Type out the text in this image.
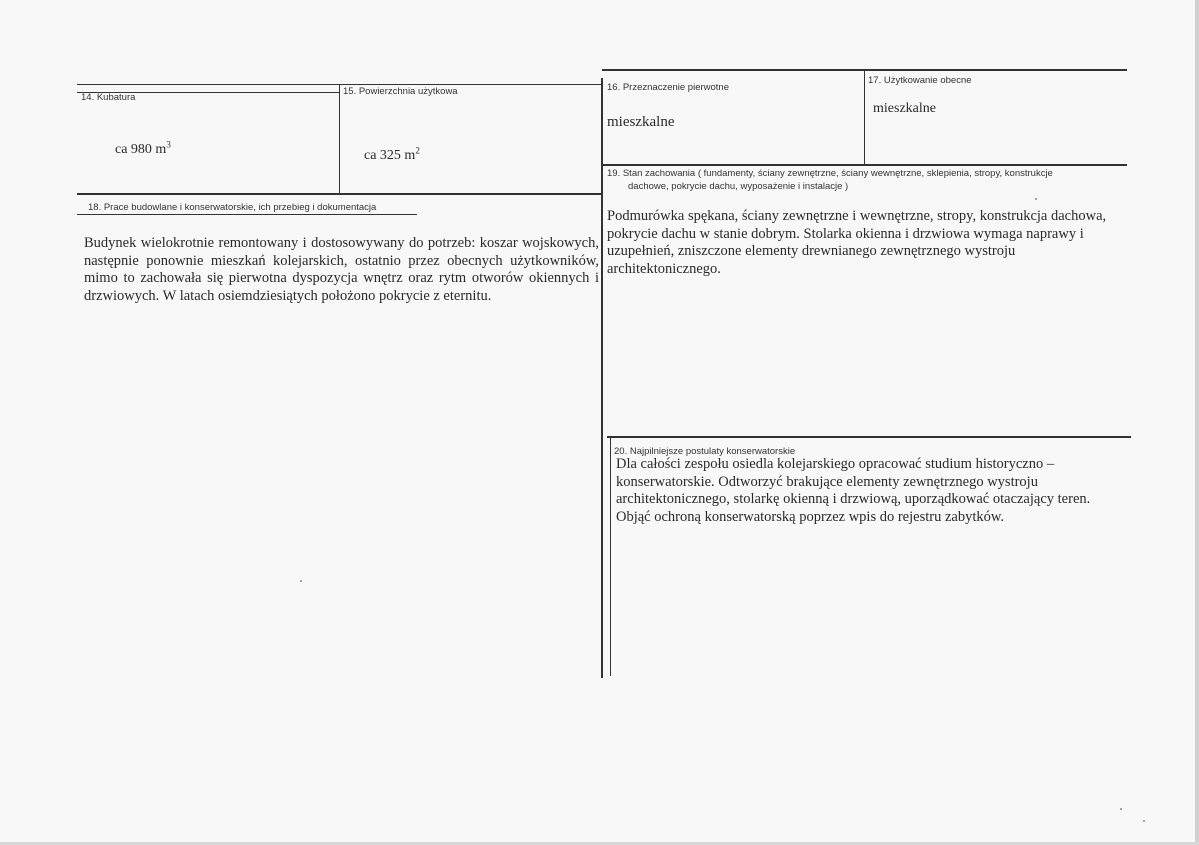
14. Kubatura
ca 980 $m^3$
15. Powierzchnia użytkowa
ca 325 $m^2$
16. Przeznaczenie pierwotne
mieszkalne
17. Użytkowanie obecne
mieszkalne
18. Prace budowlane i konserwatorskie, ich przebieg i dokumentacja
Budynek wielokrotnie remontowany i dostosowywany do potrzeb: koszar wojskowych, następnie ponownie mieszkań kolejarskich, ostatnio przez obecnych użytkowników, mimo to zachowała się pierwotna dyspozycja wnętrz oraz rytm otworów okiennych i drzwiowych. W latach osiemdziesiątych położono pokrycie z eternitu.
19. Stan zachowania ( fundamenty, ściany zewnętrzne, ściany wewnętrzne, sklepienia, stropy, konstrukcje
dachowe, pokrycie dachu, wyposażenie i instalacje )
Podmurówka spękana, ściany zewnętrzne i wewnętrzne, stropy, konstrukcja dachowa, pokrycie dachu w stanie dobrym. Stolarka okienna i drzwiowa wymaga naprawy i uzupełnień, zniszczone elementy drewnianego zewnętrznego wystroju architektonicznego.
20. Najpilniejsze postulaty konserwatorskie
Dla całości zespołu osiedla kolejarskiego opracować studium historyczno –
konserwatorskie. Odtworzyć brakujące elementy zewnętrznego wystroju
architektonicznego, stolarkę okienną i drzwiową, uporządkować otaczający teren.
Objąć ochroną konserwatorską poprzez wpis do rejestru zabytków.
